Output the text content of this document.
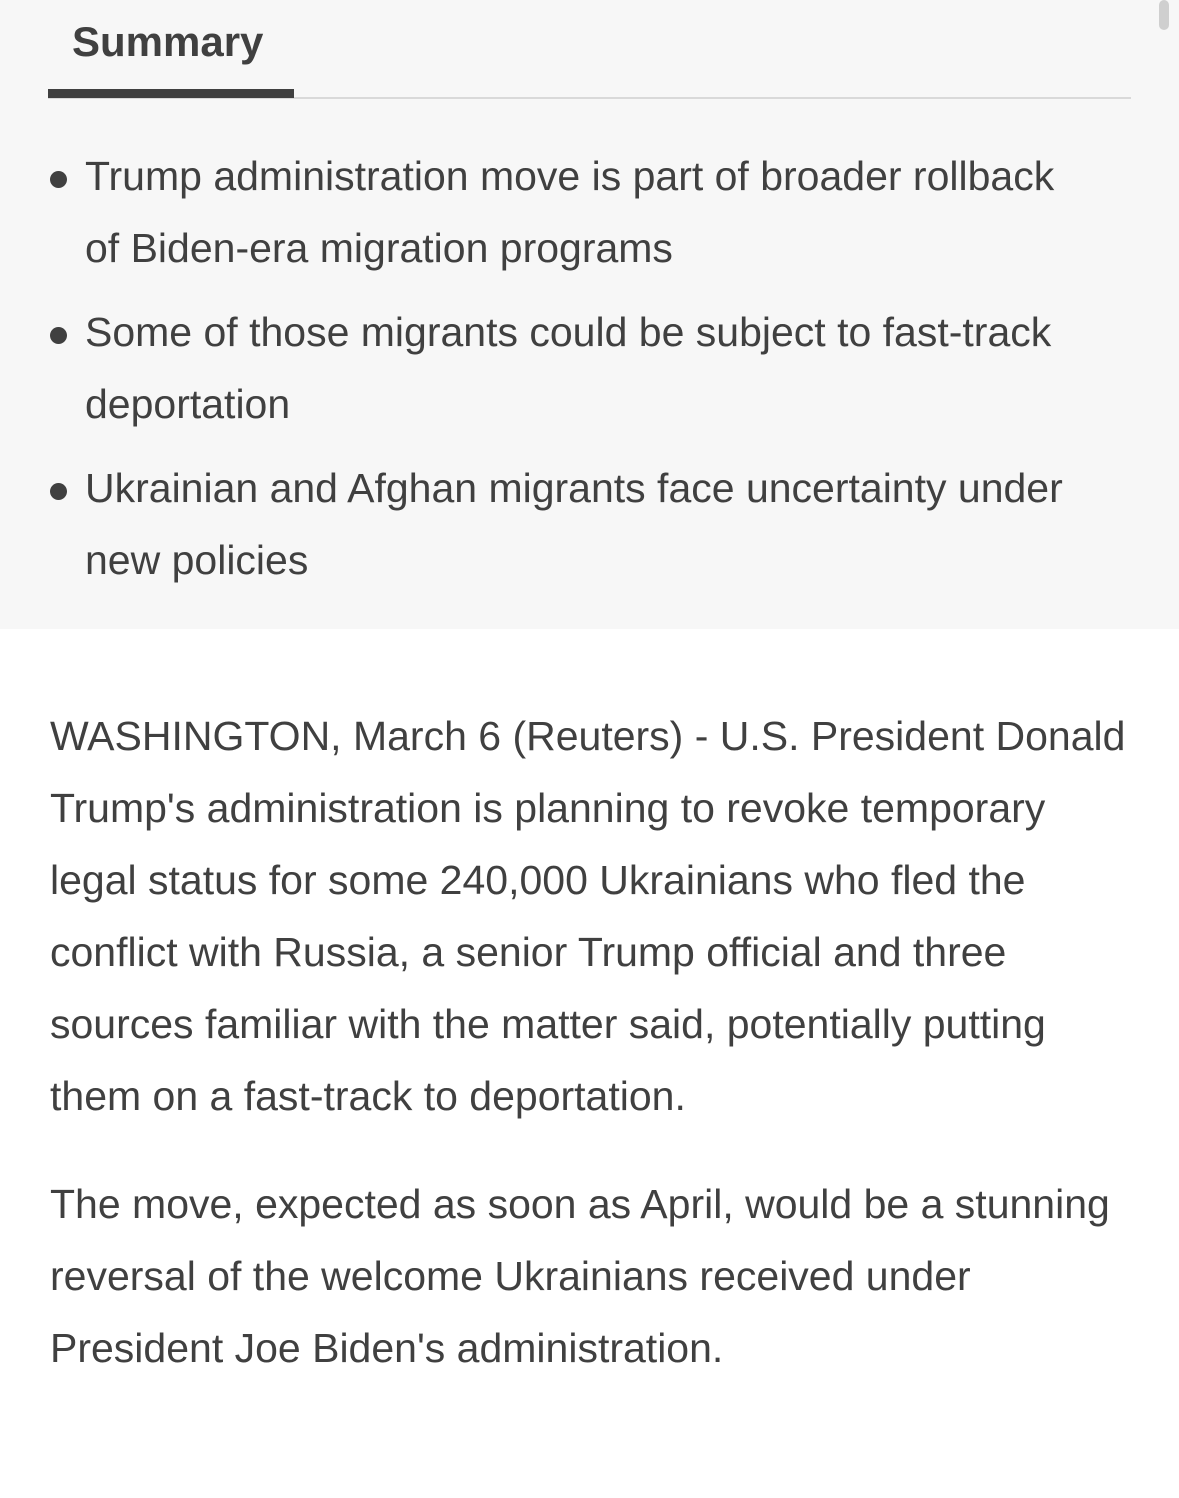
Summary
Trump administration move is part of broader rollback of Biden-era migration programs
Some of those migrants could be subject to fast-track deportation
Ukrainian and Afghan migrants face uncertainty under new policies

WASHINGTON, March 6 (Reuters) - U.S. President Donald Trump's administration is planning to revoke temporary legal status for some 240,000 Ukrainians who fled the conflict with Russia, a senior Trump official and three sources familiar with the matter said, potentially putting them on a fast-track to deportation.

The move, expected as soon as April, would be a stunning reversal of the welcome Ukrainians received under President Joe Biden's administration.
